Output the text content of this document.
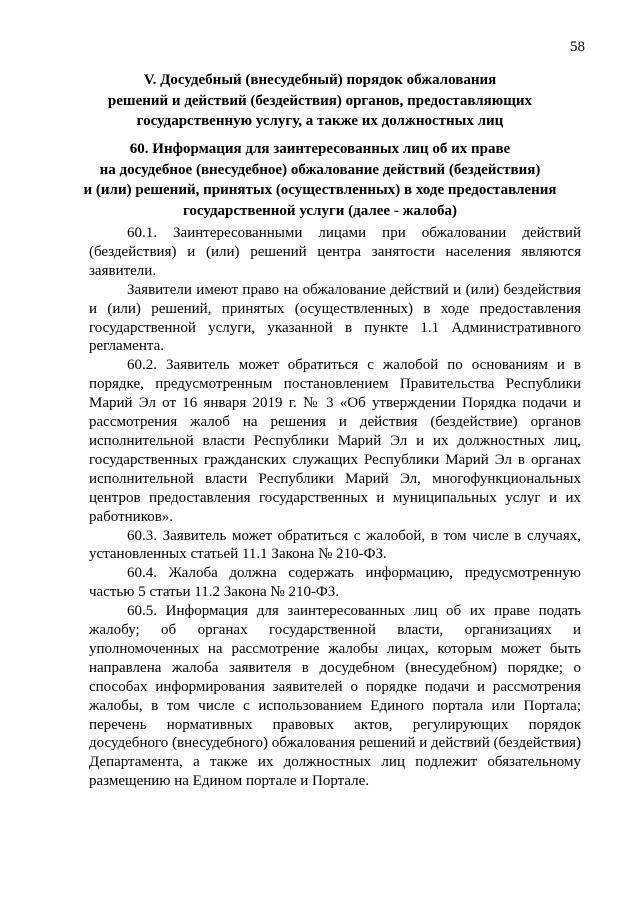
58
V. Досудебный (внесудебный) порядок обжалования
решений и действий (бездействия) органов, предоставляющих
государственную услугу, а также их должностных лиц
60. Информация для заинтересованных лиц об их праве
на досудебное (внесудебное) обжалование действий (бездействия)
и (или) решений, принятых (осуществленных) в ходе предоставления
государственной услуги (далее - жалоба)

60.1. Заинтересованными лицами при обжаловании действий (бездействия) и (или) решений центра занятости населения являются заявители.

Заявители имеют право на обжалование действий и (или) бездействия и (или) решений, принятых (осуществленных) в ходе предоставления государственной услуги, указанной в пункте 1.1 Административного регламента.

60.2. Заявитель может обратиться с жалобой по основаниям и в порядке, предусмотренным постановлением Правительства Республики Марий Эл от 16 января 2019 г. № 3 «Об утверждении Порядка подачи и рассмотрения жалоб на решения и действия (бездействие) органов исполнительной власти Республики Марий Эл и их должностных лиц, государственных гражданских служащих Республики Марий Эл в органах исполнительной власти Республики Марий Эл, многофункциональных центров предоставления государственных и муниципальных услуг и их работников».

60.3. Заявитель может обратиться с жалобой, в том числе в случаях, установленных статьей 11.1 Закона № 210-ФЗ.

60.4. Жалоба должна содержать информацию, предусмотренную частью 5 статьи 11.2 Закона № 210-ФЗ.

60.5. Информация для заинтересованных лиц об их праве подать жалобу; об органах государственной власти, организациях и уполномоченных на рассмотрение жалобы лицах, которым может быть направлена жалоба заявителя в досудебном (внесудебном) порядке; о способах информирования заявителей о порядке подачи и рассмотрения жалобы, в том числе с использованием Единого портала или Портала; перечень нормативных правовых актов, регулирующих порядок досудебного (внесудебного) обжалования решений и действий (бездействия) Департамента, а также их должностных лиц подлежит обязательному размещению на Едином портале и Портале.
